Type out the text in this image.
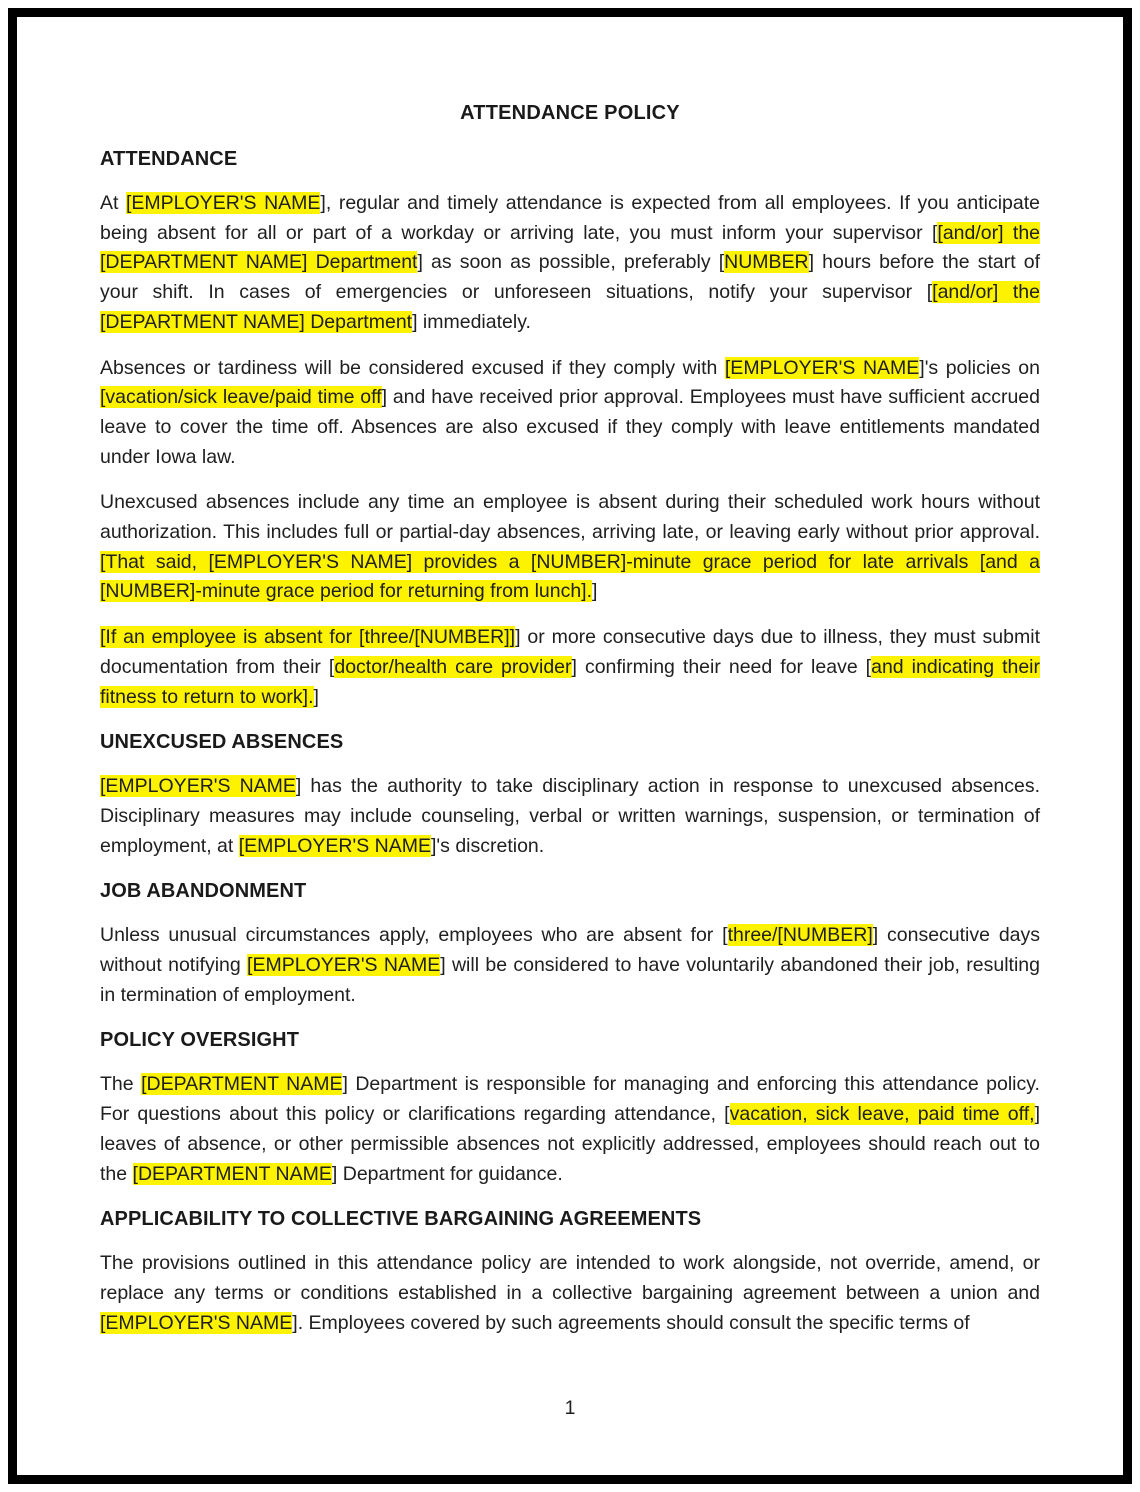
ATTENDANCE POLICY
ATTENDANCE

At [EMPLOYER'S NAME], regular and timely attendance is expected from all employees. If you anticipate being absent for all or part of a workday or arriving late, you must inform your supervisor [[and/or] the [DEPARTMENT NAME] Department] as soon as possible, preferably [NUMBER] hours before the start of your shift. In cases of emergencies or unforeseen situations, notify your supervisor [[and/or] the [DEPARTMENT NAME] Department] immediately.

Absences or tardiness will be considered excused if they comply with [EMPLOYER'S NAME]'s policies on [vacation/sick leave/paid time off] and have received prior approval. Employees must have sufficient accrued leave to cover the time off. Absences are also excused if they comply with leave entitlements mandated under Iowa law.

Unexcused absences include any time an employee is absent during their scheduled work hours without authorization. This includes full or partial-day absences, arriving late, or leaving early without prior approval. [That said, [EMPLOYER'S NAME] provides a [NUMBER]-minute grace period for late arrivals [and a [NUMBER]-minute grace period for returning from lunch].]

[If an employee is absent for [three/[NUMBER]]] or more consecutive days due to illness, they must submit documentation from their [doctor/health care provider] confirming their need for leave [and indicating their fitness to return to work].]

UNEXCUSED ABSENCES

[EMPLOYER'S NAME] has the authority to take disciplinary action in response to unexcused absences. Disciplinary measures may include counseling, verbal or written warnings, suspension, or termination of employment, at [EMPLOYER'S NAME]'s discretion.

JOB ABANDONMENT

Unless unusual circumstances apply, employees who are absent for [three/[NUMBER]] consecutive days without notifying [EMPLOYER'S NAME] will be considered to have voluntarily abandoned their job, resulting in termination of employment.

POLICY OVERSIGHT

The [DEPARTMENT NAME] Department is responsible for managing and enforcing this attendance policy. For questions about this policy or clarifications regarding attendance, [vacation, sick leave, paid time off,] leaves of absence, or other permissible absences not explicitly addressed, employees should reach out to the [DEPARTMENT NAME] Department for guidance.

APPLICABILITY TO COLLECTIVE BARGAINING AGREEMENTS

The provisions outlined in this attendance policy are intended to work alongside, not override, amend, or replace any terms or conditions established in a collective bargaining agreement between a union and [EMPLOYER'S NAME]. Employees covered by such agreements should consult the specific terms of

1
